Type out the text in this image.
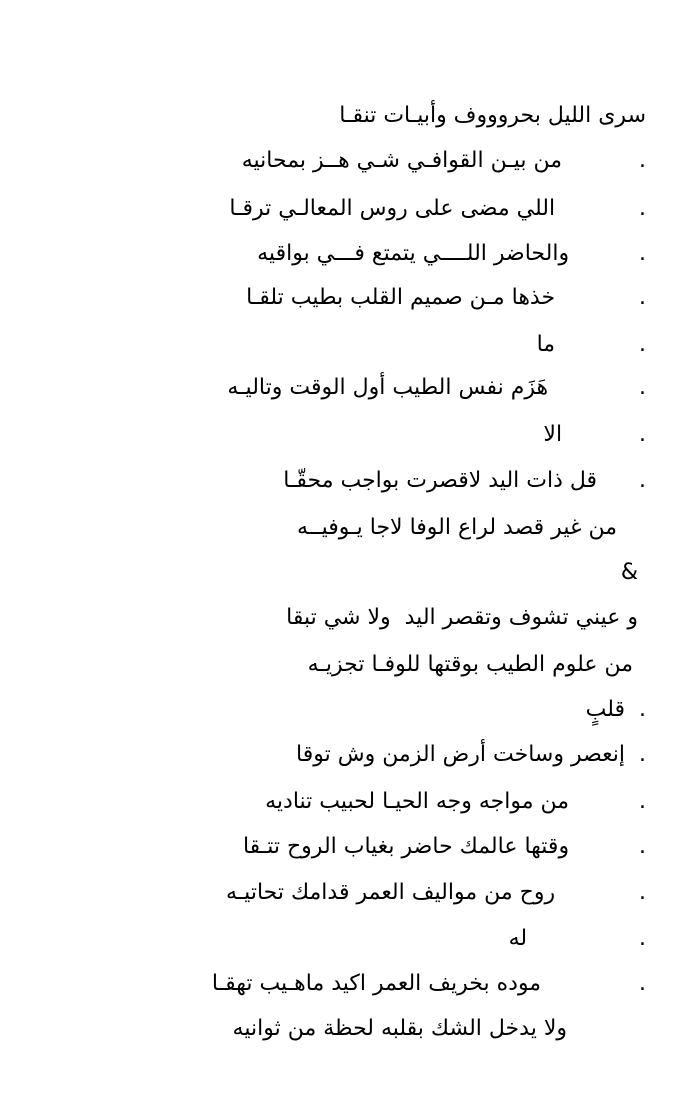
سرى الليل بحروووف وأبيـات تنقـا
.           من بيـن القوافـي شـي هــز بمحانيه
.            اللي مضى على روس المعالـي ترقـا
.          والحاضر اللــــي يتمتع فـــي بواقيه
.            خذها مـن صميم القلب بطيب تلقـا
.            ما
.             هَزَم نفس الطيب أول الوقت وتاليـه
.           الا
.      قل ذات اليد لاقصرت بواجب محقّـا
من غير قصد لراع الوفا لاجا يـوفيــه
&
و عيني تشوف وتقصر اليد  ولا شي تبقا
من علوم الطيب بوقتها للوفـا تجزيـه
.  قلبٍ
.  إنعصر وساخت أرض الزمن وش توقا
.          من مواجه وجه الحيـا لحبيب تناديه
.          وقتها عالمك حاضر بغياب الروح تتـقا
.            روح من مواليف العمر قدامك تحاتيـه
.                له
.              موده بخريف العمر اكيد ماهـيب تهقـا
ولا يدخل الشك بقلبه لحظة من ثوانيه
